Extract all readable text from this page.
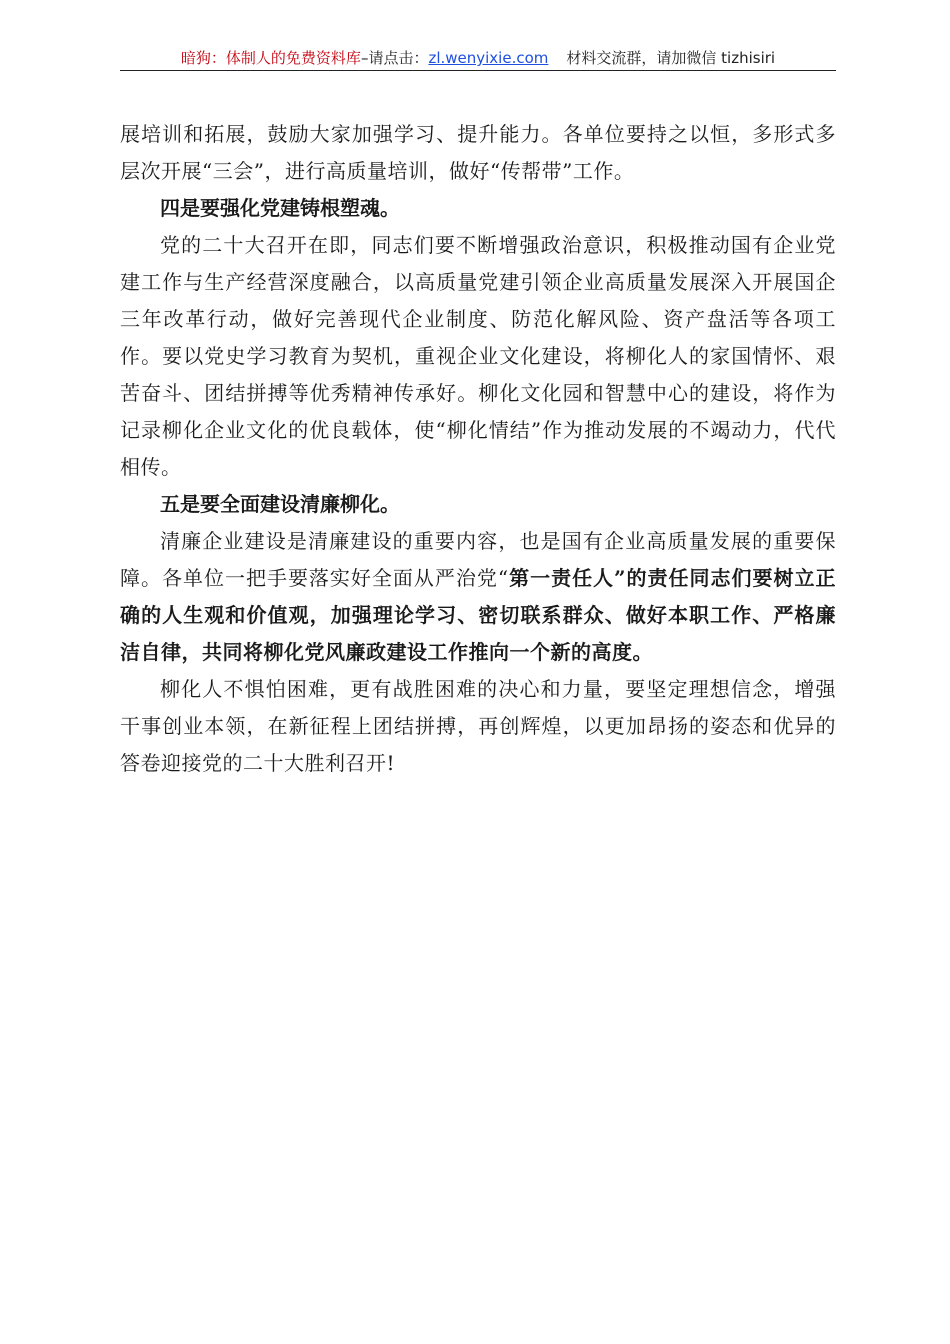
暗狗：体制人的免费资料库–请点击：zl.wenyixie.com 材料交流群，请加微信 tizhisiri

展培训和拓展，鼓励大家加强学习、提升能力。各单位要持之以恒，多形式多层次开展“三会”，进行高质量培训，做好“传帮带”工作。

四是要强化党建铸根塑魂。

党的二十大召开在即，同志们要不断增强政治意识，积极推动国有企业党建工作与生产经营深度融合，以高质量党建引领企业高质量发展深入开展国企三年改革行动，做好完善现代企业制度、防范化解风险、资产盘活等各项工作。要以党史学习教育为契机，重视企业文化建设，将柳化人的家国情怀、艰苦奋斗、团结拼搏等优秀精神传承好。柳化文化园和智慧中心的建设，将作为记录柳化企业文化的优良载体，使“柳化情结”作为推动发展的不竭动力，代代相传。

五是要全面建设清廉柳化。

清廉企业建设是清廉建设的重要内容，也是国有企业高质量发展的重要保障。各单位一把手要落实好全面从严治党“第一责任人”的责任同志们要树立正确的人生观和价值观，加强理论学习、密切联系群众、做好本职工作、严格廉洁自律，共同将柳化党风廉政建设工作推向一个新的高度。

柳化人不惧怕困难，更有战胜困难的决心和力量，要坚定理想信念，增强干事创业本领，在新征程上团结拼搏，再创辉煌，以更加昂扬的姿态和优异的答卷迎接党的二十大胜利召开!
